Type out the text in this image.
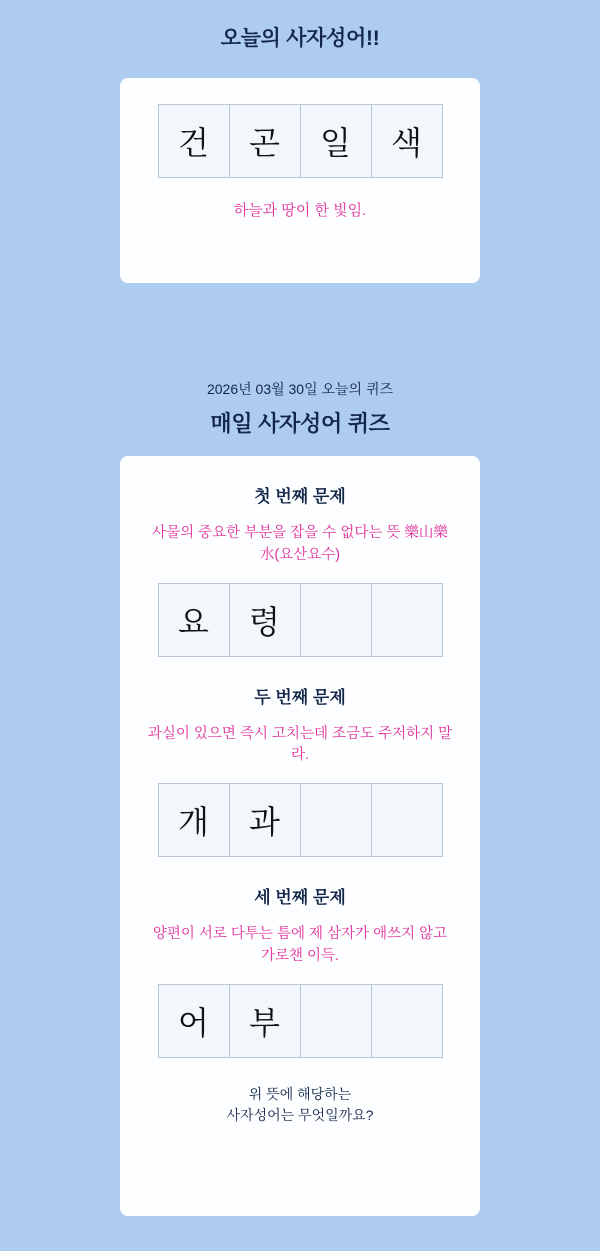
오늘의 사자성어!!
건	곤	일	색
하늘과 땅이 한 빛임.
2026년 03월 30일 오늘의 퀴즈
매일 사자성어 퀴즈
첫 번째 문제
사물의 중요한 부분을 잡을 수 없다는 뜻 樂山樂水(요산요수)
요	령
두 번째 문제
과실이 있으면 즉시 고치는데 조금도 주저하지 말라.
개	과
세 번째 문제
양편이 서로 다투는 틈에 제 삼자가 애쓰지 않고 가로챈 이득.
어	부
위 뜻에 해당하는
사자성어는 무엇일까요?
